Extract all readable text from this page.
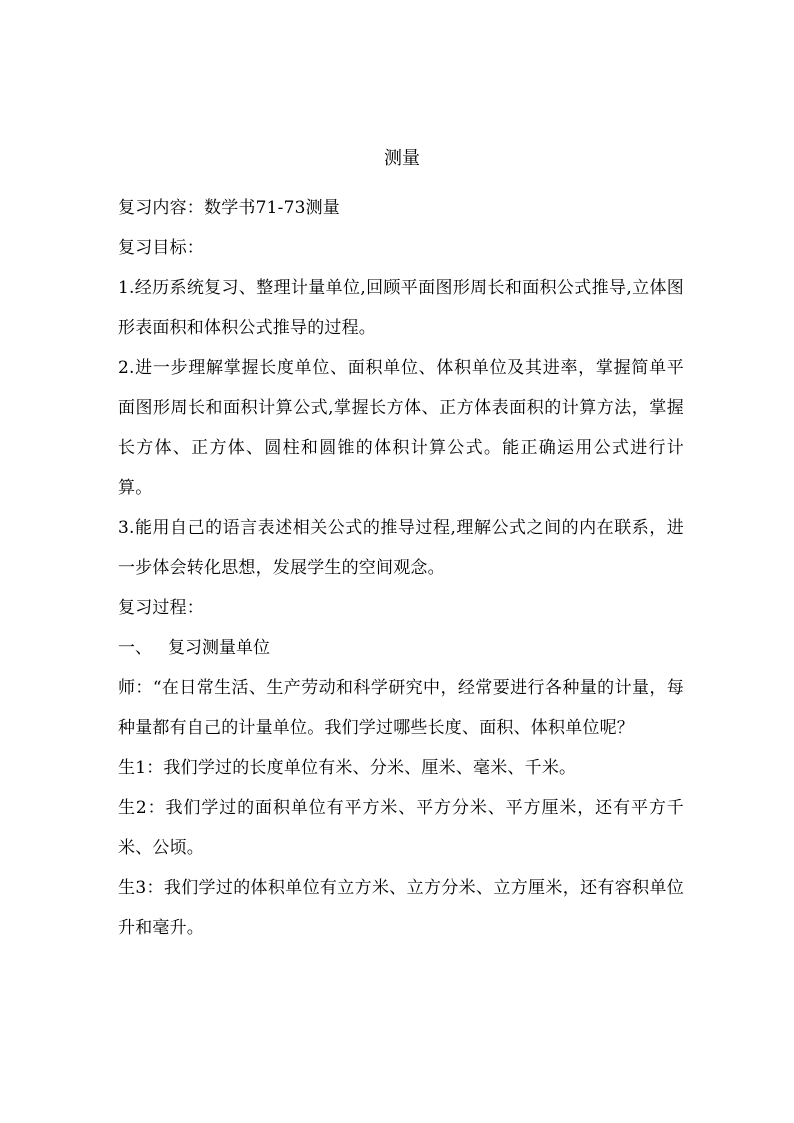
测量

复习内容：数学书71-73测量

复习目标：

1.经历系统复习、整理计量单位,回顾平面图形周长和面积公式推导,立体图形表面积和体积公式推导的过程。

2.进一步理解掌握长度单位、面积单位、体积单位及其进率，掌握简单平面图形周长和面积计算公式,掌握长方体、正方体表面积的计算方法，掌握长方体、正方体、圆柱和圆锥的体积计算公式。能正确运用公式进行计算。

3.能用自己的语言表述相关公式的推导过程,理解公式之间的内在联系，进一步体会转化思想，发展学生的空间观念。

复习过程：

一、 复习测量单位

师：“在日常生活、生产劳动和科学研究中，经常要进行各种量的计量，每种量都有自己的计量单位。我们学过哪些长度、面积、体积单位呢？

生1：我们学过的长度单位有米、分米、厘米、毫米、千米。

生2：我们学过的面积单位有平方米、平方分米、平方厘米，还有平方千米、公顷。

生3：我们学过的体积单位有立方米、立方分米、立方厘米，还有容积单位升和毫升。
